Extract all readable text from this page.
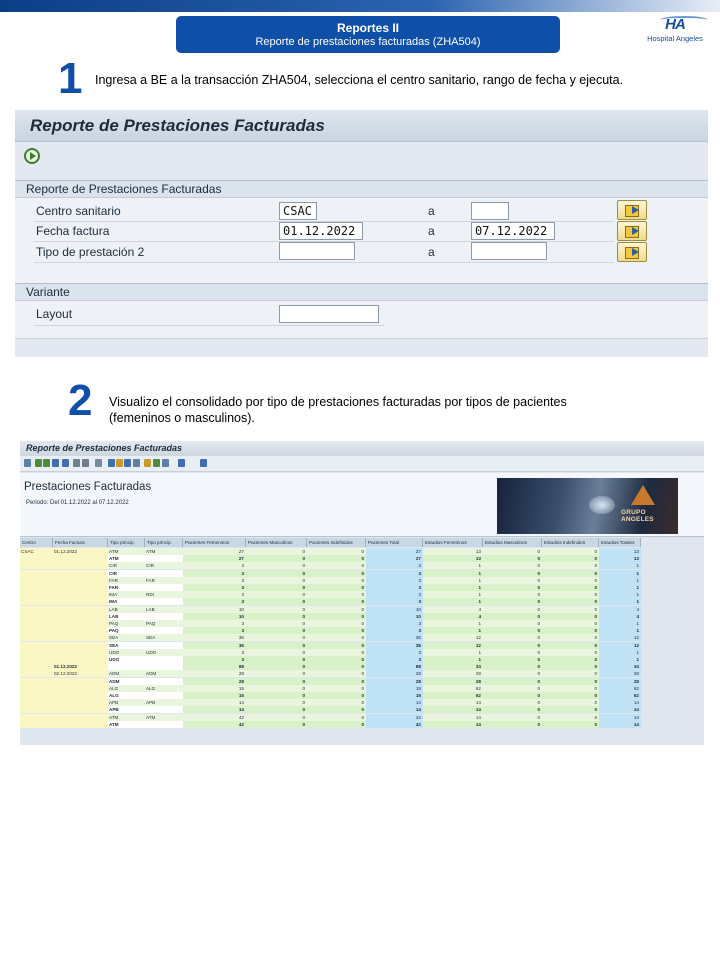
Reportes II
Reporte de prestaciones facturadas (ZHA504)
HA
Hospital Angeles
1 Ingresa a BE a la transacción ZHA504, selecciona el centro sanitario, rango de fecha y ejecuta.
Reporte de Prestaciones Facturadas
Reporte de Prestaciones Facturadas
Centro sanitario	CSAC	a
Fecha factura	01.12.2022	a	07.12.2022
Tipo de prestación 2	a
Variante
Layout
2 Visualizo el consolidado por tipo de prestaciones facturadas por tipos de pacientes
(femeninos o masculinos).
Reporte de Prestaciones Facturadas
Prestaciones Facturadas
Periodo: Del 01.12.2022 al 07.12.2022
GRUPO ANGELES
Centro	Fecha Factura	Tipo princip.	Tipo princip.	Pacientes Femeninos	Pacientes Masculinos	Pacientes Indefinidos	Pacientes Total	Estudios Femeninos	Estudios Masculinos	Estudios Indefinidos	Estudios Totales
CSAC	01.12.2022	ATM	ATM	27	0	0	27	13	0	0	13
ATM	27	0	0	27	13	0	0	13
CIR	CIR	3	0	0	3	1	0	0	1
CIR	3	0	0	3	1	0	0	1
FAR	FAR	3	0	0	3	1	0	0	1
FAR	3	0	0	3	1	0	0	1
IMA	RDI	3	0	0	3	1	0	0	1
IMA	3	0	0	3	1	0	0	1
LAB	LAB	10	0	0	10	4	0	0	4
LAB	10	0	0	10	4	0	0	4
PAQ	PAQ	3	0	0	3	1	0	0	1
PAQ	3	0	0	3	1	0	0	1
SEA	SEA	36	0	0	36	12	0	0	12
SEA	36	0	0	36	12	0	0	12
UDO	UDO	3	0	0	3	1	0	0	1
UDO	3	0	0	3	1	0	0	1
01.12.2022	88	0	0	88	34	0	0	34
02.12.2022	ADM	ADM	28	0	0	28	28	0	0	28
ADM	28	0	0	28	28	0	0	28
ALG	ALG	15	0	0	15	62	0	0	62
ALG	15	0	0	15	62	0	0	62
APB	APB	14	0	0	14	14	0	0	14
APB	14	0	0	14	14	0	0	14
ATM	ATM	42	0	0	42	14	0	0	14
ATM	42	0	0	42	14	0	0	14
